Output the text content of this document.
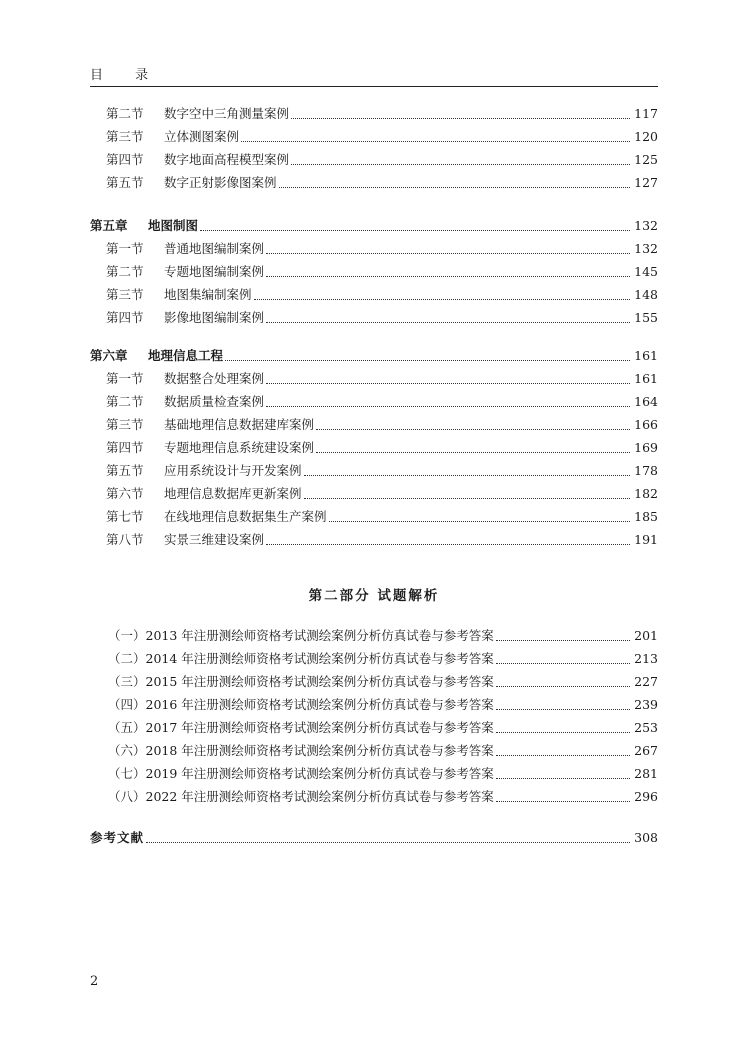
目 录
第二节	数字空中三角测量案例	117
第三节	立体测图案例	120
第四节	数字地面高程模型案例	125
第五节	数字正射影像图案例	127
第五章	地图制图	132
第一节	普通地图编制案例	132
第二节	专题地图编制案例	145
第三节	地图集编制案例	148
第四节	影像地图编制案例	155
第六章	地理信息工程	161
第一节	数据整合处理案例	161
第二节	数据质量检查案例	164
第三节	基础地理信息数据建库案例	166
第四节	专题地理信息系统建设案例	169
第五节	应用系统设计与开发案例	178
第六节	地理信息数据库更新案例	182
第七节	在线地理信息数据集生产案例	185
第八节	实景三维建设案例	191
（一）2013 年注册测绘师资格考试测绘案例分析仿真试卷与参考答案	201
（二）2014 年注册测绘师资格考试测绘案例分析仿真试卷与参考答案	213
（三）2015 年注册测绘师资格考试测绘案例分析仿真试卷与参考答案	227
（四）2016 年注册测绘师资格考试测绘案例分析仿真试卷与参考答案	239
（五）2017 年注册测绘师资格考试测绘案例分析仿真试卷与参考答案	253
（六）2018 年注册测绘师资格考试测绘案例分析仿真试卷与参考答案	267
（七）2019 年注册测绘师资格考试测绘案例分析仿真试卷与参考答案	281
（八）2022 年注册测绘师资格考试测绘案例分析仿真试卷与参考答案	296
参考文献	308
第二部分 试题解析
2
